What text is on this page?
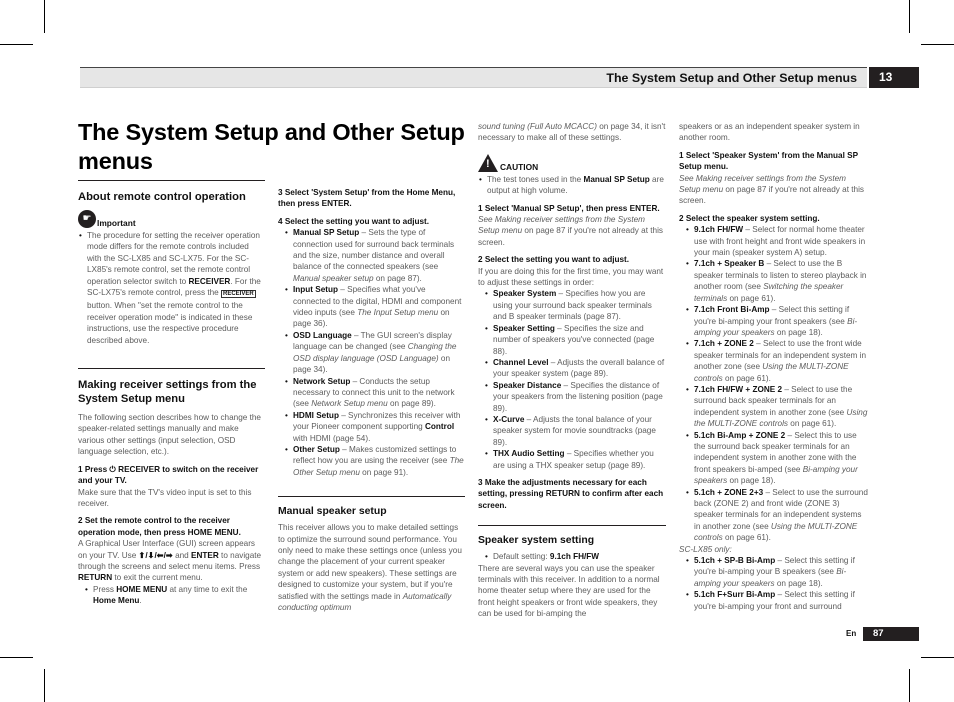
The System Setup and Other Setup menus	13
The System Setup and Other Setup menus
About remote control operation
☛ Important

• The procedure for setting the receiver operation mode differs for the remote controls included with the SC-LX85 and SC-LX75. For the SC-LX85's remote control, set the remote control operation selector switch to RECEIVER. For the SC-LX75's remote control, press the RECEIVER button. When "set the remote control to the receiver operation mode" is indicated in these instructions, use the respective procedure described above.

Making receiver settings from the System Setup menu

The following section describes how to change the speaker-related settings manually and make various other settings (input selection, OSD language selection, etc.).

1 Press ⏻ RECEIVER to switch on the receiver and your TV.

Make sure that the TV's video input is set to this receiver.

2 Set the remote control to the receiver operation mode, then press HOME MENU.

A Graphical User Interface (GUI) screen appears on your TV. Use ⬆/⬇/⬅/➡ and ENTER to navigate through the screens and select menu items. Press RETURN to exit the current menu.

• Press HOME MENU at any time to exit the Home Menu.

3 Select 'System Setup' from the Home Menu, then press ENTER.

4 Select the setting you want to adjust.

• Manual SP Setup – Sets the type of connection used for surround back terminals and the size, number distance and overall balance of the connected speakers (see Manual speaker setup on page 87).

• Input Setup – Specifies what you've connected to the digital, HDMI and component video inputs (see The Input Setup menu on page 36).

• OSD Language – The GUI screen's display language can be changed (see Changing the OSD display language (OSD Language) on page 34).

• Network Setup – Conducts the setup necessary to connect this unit to the network (see Network Setup menu on page 89).

• HDMI Setup – Synchronizes this receiver with your Pioneer component supporting Control with HDMI (page 54).

• Other Setup – Makes customized settings to reflect how you are using the receiver (see The Other Setup menu on page 91).

Manual speaker setup

This receiver allows you to make detailed settings to optimize the surround sound performance. You only need to make these settings once (unless you change the placement of your current speaker system or add new speakers). These settings are designed to customize your system, but if you're satisfied with the settings made in Automatically conducting optimum

sound tuning (Full Auto MCACC) on page 34, it isn't necessary to make all of these settings.

! CAUTION

• The test tones used in the Manual SP Setup are output at high volume.

1 Select 'Manual SP Setup', then press ENTER.

See Making receiver settings from the System Setup menu on page 87 if you're not already at this screen.

2 Select the setting you want to adjust.

If you are doing this for the first time, you may want to adjust these settings in order:

• Speaker System – Specifies how you are using your surround back speaker terminals and B speaker terminals (page 87).

• Speaker Setting – Specifies the size and number of speakers you've connected (page 88).

• Channel Level – Adjusts the overall balance of your speaker system (page 89).

• Speaker Distance – Specifies the distance of your speakers from the listening position (page 89).

• X-Curve – Adjusts the tonal balance of your speaker system for movie soundtracks (page 89).

• THX Audio Setting – Specifies whether you are using a THX speaker setup (page 89).

3 Make the adjustments necessary for each setting, pressing RETURN to confirm after each screen.

Speaker system setting

• Default setting: 9.1ch FH/FW

There are several ways you can use the speaker terminals with this receiver. In addition to a normal home theater setup where they are used for the front height speakers or front wide speakers, they can be used for bi-amping the

speakers or as an independent speaker system in another room.

1 Select 'Speaker System' from the Manual SP Setup menu.

See Making receiver settings from the System Setup menu on page 87 if you're not already at this screen.

2 Select the speaker system setting.

• 9.1ch FH/FW – Select for normal home theater use with front height and front wide speakers in your main (speaker system A) setup.

• 7.1ch + Speaker B – Select to use the B speaker terminals to listen to stereo playback in another room (see Switching the speaker terminals on page 61).

• 7.1ch Front Bi-Amp – Select this setting if you're bi-amping your front speakers (see Bi-amping your speakers on page 18).

• 7.1ch + ZONE 2 – Select to use the front wide speaker terminals for an independent system in another zone (see Using the MULTI-ZONE controls on page 61).

• 7.1ch FH/FW + ZONE 2 – Select to use the surround back speaker terminals for an independent system in another zone (see Using the MULTI-ZONE controls on page 61).

• 5.1ch Bi-Amp + ZONE 2 – Select this to use the surround back speaker terminals for an independent system in another zone with the front speakers bi-amped (see Bi-amping your speakers on page 18).

• 5.1ch + ZONE 2+3 – Select to use the surround back (ZONE 2) and front wide (ZONE 3) speaker terminals for an independent systems in another zone (see Using the MULTI-ZONE controls on page 61).

SC-LX85 only:

• 5.1ch + SP-B Bi-Amp – Select this setting if you're bi-amping your B speakers (see Bi-amping your speakers on page 18).

• 5.1ch F+Surr Bi-Amp – Select this setting if you're bi-amping your front and surround

En	87
